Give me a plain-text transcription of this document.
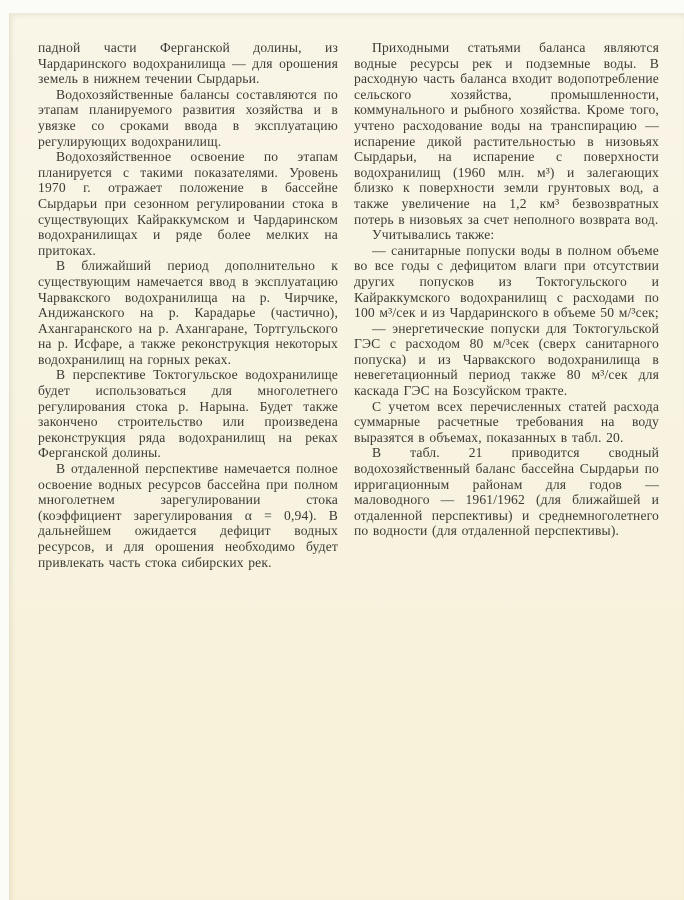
падной части Ферганской долины, из Чардаринского водохранилища — для орошения земель в нижнем течении Сырдарьи.

Водохозяйственные балансы составляются по этапам планируемого развития хозяйства и в увязке со сроками ввода в эксплуатацию регулирующих водохранилищ.

Водохозяйственное освоение по этапам планируется с такими показателями. Уровень 1970 г. отражает положение в бассейне Сырдарьи при сезонном регулировании стока в существующих Кайраккумском и Чардаринском водохранилищах и ряде более мелких на притоках.

В ближайший период дополнительно к существующим намечается ввод в эксплуатацию Чарвакского водохранилища на р. Чирчике, Андижанского на р. Карадарье (частично), Ахангаранского на р. Ахангаране, Тортгульского на р. Исфаре, а также реконструкция некоторых водохранилищ на горных реках.

В перспективе Токтогульское водохранилище будет использоваться для многолетнего регулирования стока р. Нарына. Будет также закончено строительство или произведена реконструкция ряда водохранилищ на реках Ферганской долины.

В отдаленной перспективе намечается полное освоение водных ресурсов бассейна при полном многолетнем зарегулировании стока (коэффициент зарегулирования α = 0,94). В дальнейшем ожидается дефицит водных ресурсов, и для орошения необходимо будет привлекать часть стока сибирских рек.

Приходными статьями баланса являются водные ресурсы рек и подземные воды. В расходную часть баланса входит водопотребление сельского хозяйства, промышленности, коммунального и рыбного хозяйства. Кроме того, учтено расходование воды на транспирацию — испарение дикой растительностью в низовьях Сырдарьи, на испарение с поверхности водохранилищ (1960 млн. м³) и залегающих близко к поверхности земли грунтовых вод, а также увеличение на 1,2 км³ безвозвратных потерь в низовьях за счет неполного возврата вод.

Учитывались также:

— санитарные попуски воды в полном объеме во все годы с дефицитом влаги при отсутствии других попусков из Токтогульского и Кайраккумского водохранилищ с расходами по 100 м³/сек и из Чардаринского в объеме 50 м/³сек;

— энергетические попуски для Токтогульской ГЭС с расходом 80 м/³сек (сверх санитарного попуска) и из Чарвакского водохранилища в невегетационный период также 80 м³/сек для каскада ГЭС на Бозсуйском тракте.

С учетом всех перечисленных статей расхода суммарные расчетные требования на воду выразятся в объемах, показанных в табл. 20.

В табл. 21 приводится сводный водохозяйственный баланс бассейна Сырдарьи по ирригационным районам для годов — маловодного — 1961/1962 (для ближайшей и отдаленной перспективы) и среднемноголетнего по водности (для отдаленной перспективы).
